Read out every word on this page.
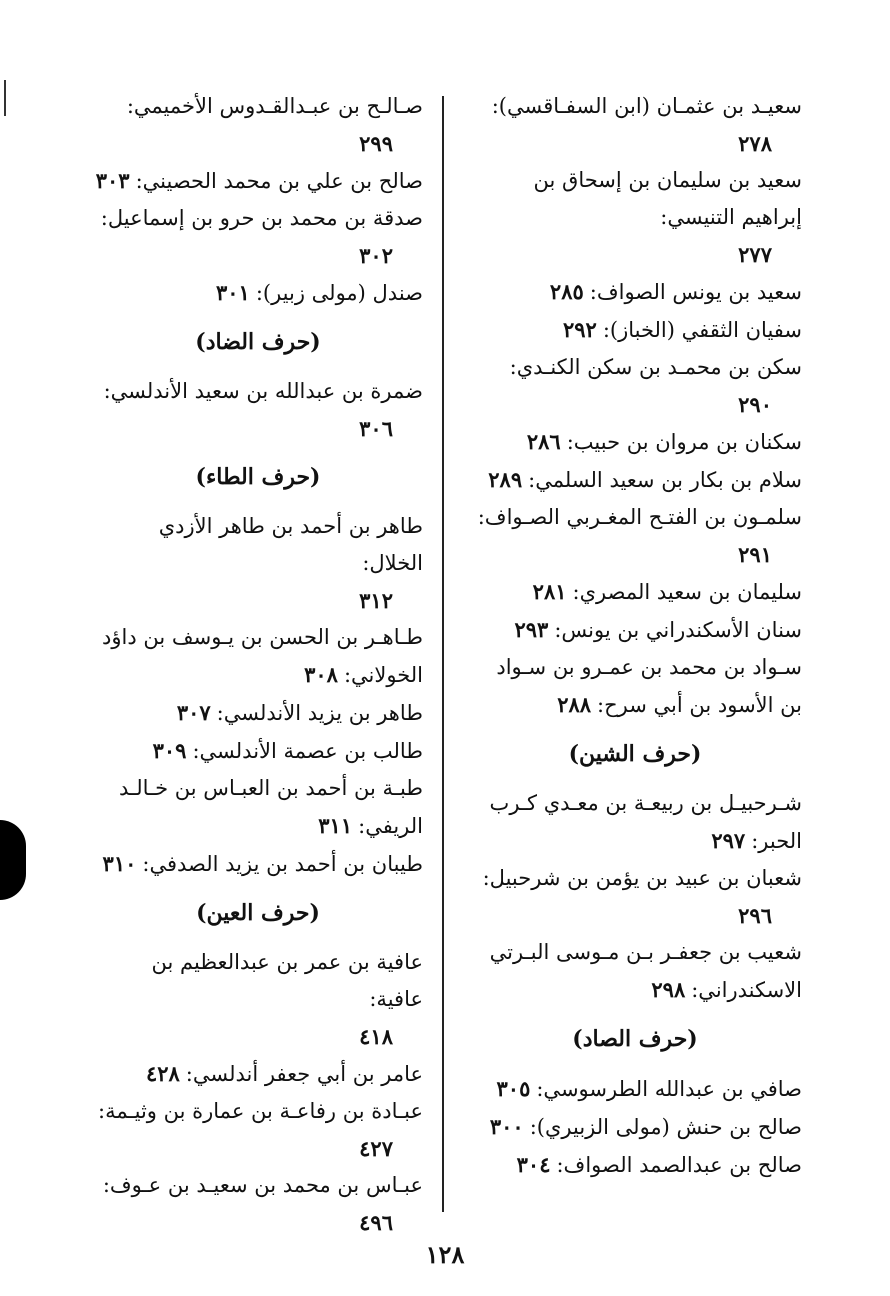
سعيـد بن عثمـان (ابن السفـاقسي):
٢٧٨
سعيد بن سليمان بن إسحاق بن إبراهيم التنيسي:
٢٧٧
سعيد بن يونس الصواف:٢٨٥
سفيان الثقفي (الخباز):٢٩٢
سكن بن محمـد بن سكن الكنـدي:
٢٩٠
سكنان بن مروان بن حبيب:٢٨٦
سلام بن بكار بن سعيد السلمي:٢٨٩
سلمـون بن الفتـح المغـربي الصـواف:
٢٩١
سليمان بن سعيد المصري:٢٨١
سنان الأسكندراني بن يونس:٢٩٣
سـواد بن محمد بن عمـرو بن سـواد بن الأسود بن أبي سرح:٢٨٨
(حرف الشين)
شـرحبيـل بن ربيعـة بن معـدي كـرب الحبر:٢٩٧
شعبان بن عبيد بن يؤمن بن شرحبيل:
٢٩٦
شعيب بن جعفـر بـن مـوسى البـرتي الاسكندراني:٢٩٨
(حرف الصاد)
صافي بن عبدالله الطرسوسي:٣٠٥
صالح بن حنش (مولى الزبيري):٣٠٠
صالح بن عبدالصمد الصواف:٣٠٤
صـالـح بن عبـدالقـدوس الأخميمي:
٢٩٩
صالح بن علي بن محمد الحصيني:٣٠٣
صدقة بن محمد بن حرو بن إسماعيل:
٣٠٢
صندل (مولى زبير):٣٠١
(حرف الضاد)
ضمرة بن عبدالله بن سعيد الأندلسي:
٣٠٦
(حرف الطاء)
طاهر بن أحمد بن طاهر الأزدي الخلال:
٣١٢
طـاهـر بن الحسن بن يـوسف بن داؤد الخولاني:٣٠٨
طاهر بن يزيد الأندلسي:٣٠٧
طالب بن عصمة الأندلسي:٣٠٩
طبـة بن أحمد بن العبـاس بن خـالـد الريفي:٣١١
طيبان بن أحمد بن يزيد الصدفي:٣١٠
(حرف العين)
عافية بن عمر بن عبدالعظيم بن عافية:
٤١٨
عامر بن أبي جعفر أندلسي:٤٢٨
عبـادة بن رفاعـة بن عمارة بن وثيـمة:
٤٢٧
عبـاس بن محمد بن سعيـد بن عـوف:
٤٩٦
١٢٨
